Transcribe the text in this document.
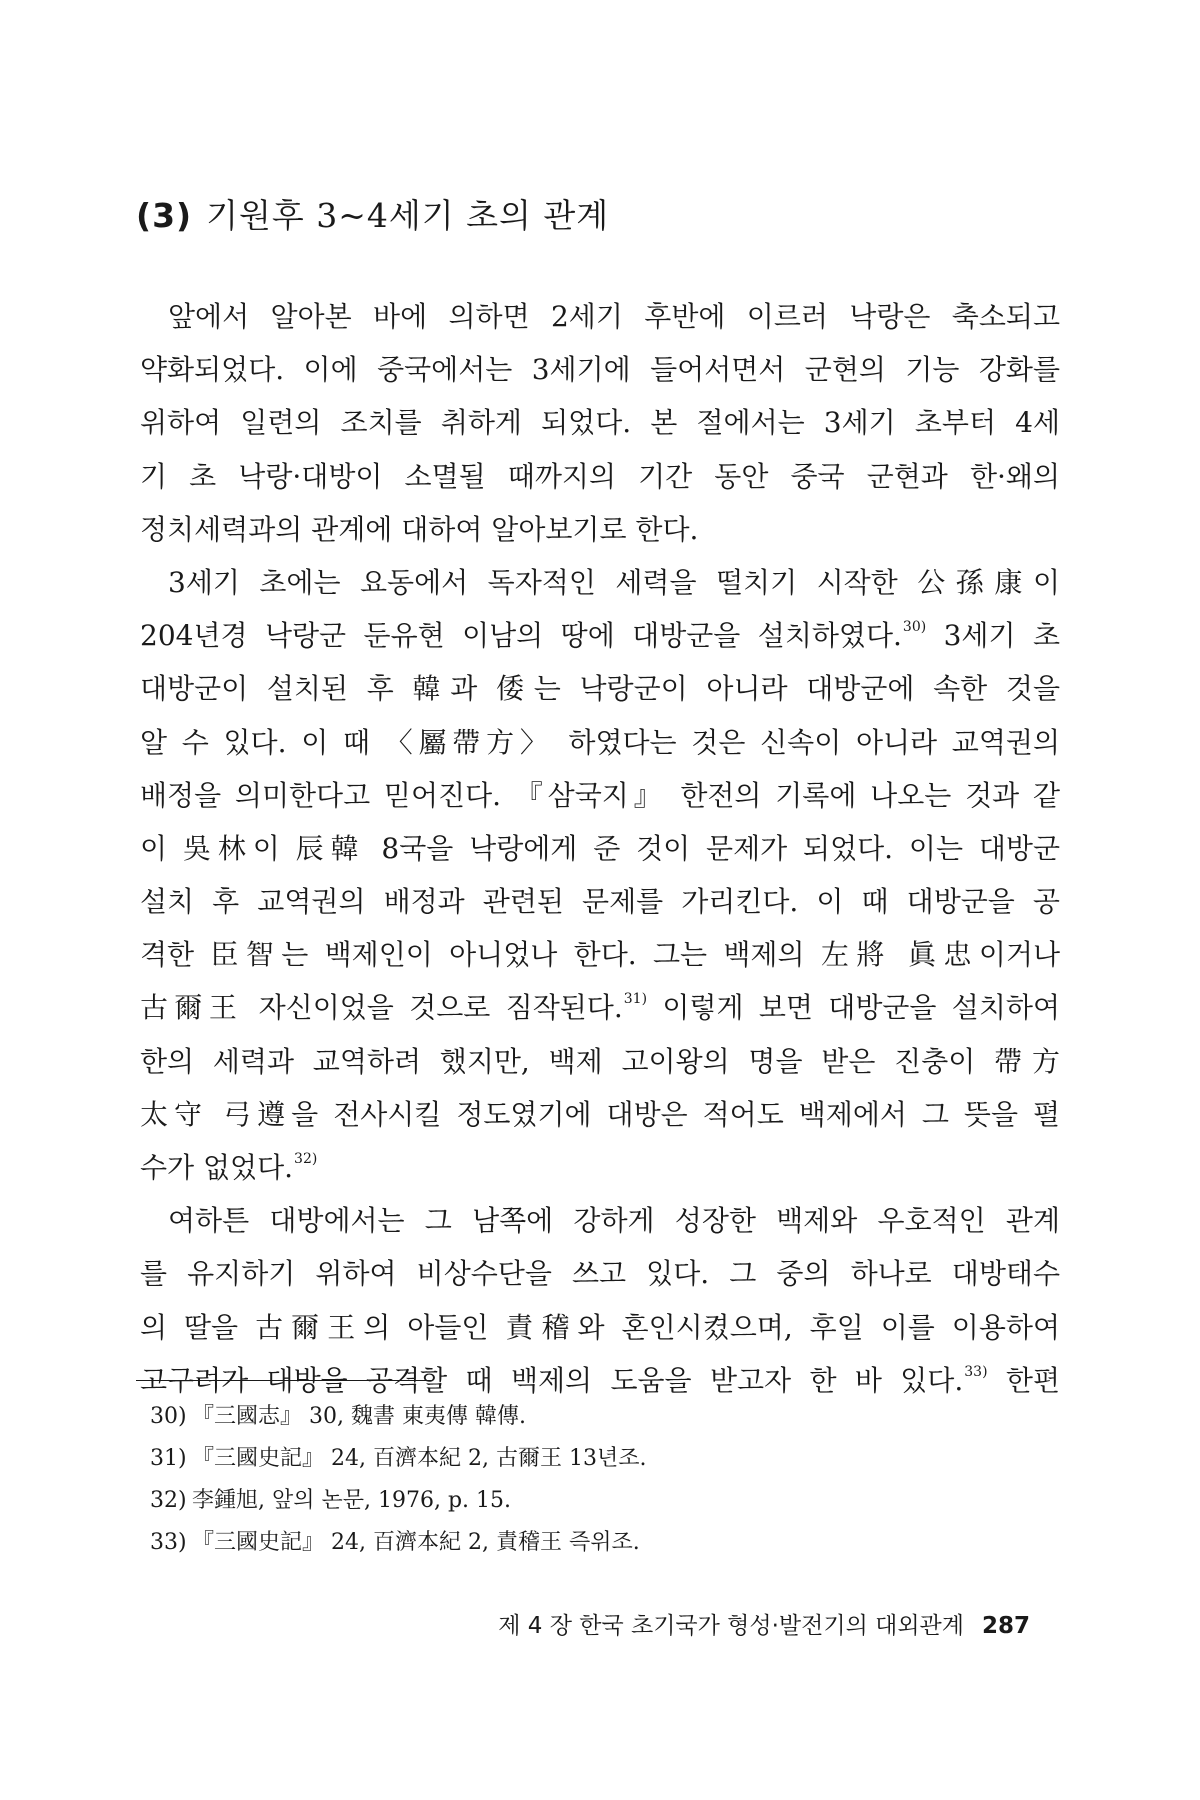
(3) 기원후 3~4세기 초의 관계
앞에서 알아본 바에 의하면 2세기 후반에 이르러 낙랑은 축소되고
약화되었다. 이에 중국에서는 3세기에 들어서면서 군현의 기능 강화를
위하여 일련의 조치를 취하게 되었다. 본 절에서는 3세기 초부터 4세
기 초 낙랑·대방이 소멸될 때까지의 기간 동안 중국 군현과 한·왜의
정치세력과의 관계에 대하여 알아보기로 한다.
3세기 초에는 요동에서 독자적인 세력을 떨치기 시작한 公孫康이
204년경 낙랑군 둔유현 이남의 땅에 대방군을 설치하였다.$^{30)}$ 3세기 초
대방군이 설치된 후 韓과 倭는 낙랑군이 아니라 대방군에 속한 것을
알 수 있다. 이 때 〈屬帶方〉 하였다는 것은 신속이 아니라 교역권의
배정을 의미한다고 믿어진다. 『삼국지』 한전의 기록에 나오는 것과 같
이 吳林이 辰韓 8국을 낙랑에게 준 것이 문제가 되었다. 이는 대방군
설치 후 교역권의 배정과 관련된 문제를 가리킨다. 이 때 대방군을 공
격한 臣智는 백제인이 아니었나 한다. 그는 백제의 左將 眞忠이거나
古爾王 자신이었을 것으로 짐작된다.$^{31)}$ 이렇게 보면 대방군을 설치하여
한의 세력과 교역하려 했지만, 백제 고이왕의 명을 받은 진충이 帶方
太守 弓遵을 전사시킬 정도였기에 대방은 적어도 백제에서 그 뜻을 펼
수가 없었다.$^{32)}$
여하튼 대방에서는 그 남쪽에 강하게 성장한 백제와 우호적인 관계
를 유지하기 위하여 비상수단을 쓰고 있다. 그 중의 하나로 대방태수
의 딸을 古爾王의 아들인 責稽와 혼인시켰으며, 후일 이를 이용하여
고구려가 대방을 공격할 때 백제의 도움을 받고자 한 바 있다.$^{33)}$ 한편
30) 『三國志』 30, 魏書 東夷傳 韓傳.
31) 『三國史記』 24, 百濟本紀 2, 古爾王 13년조.
32) 李鍾旭, 앞의 논문, 1976, p. 15.
33) 『三國史記』 24, 百濟本紀 2, 責稽王 즉위조.
제 4 장 한국 초기국가 형성·발전기의 대외관계 287
